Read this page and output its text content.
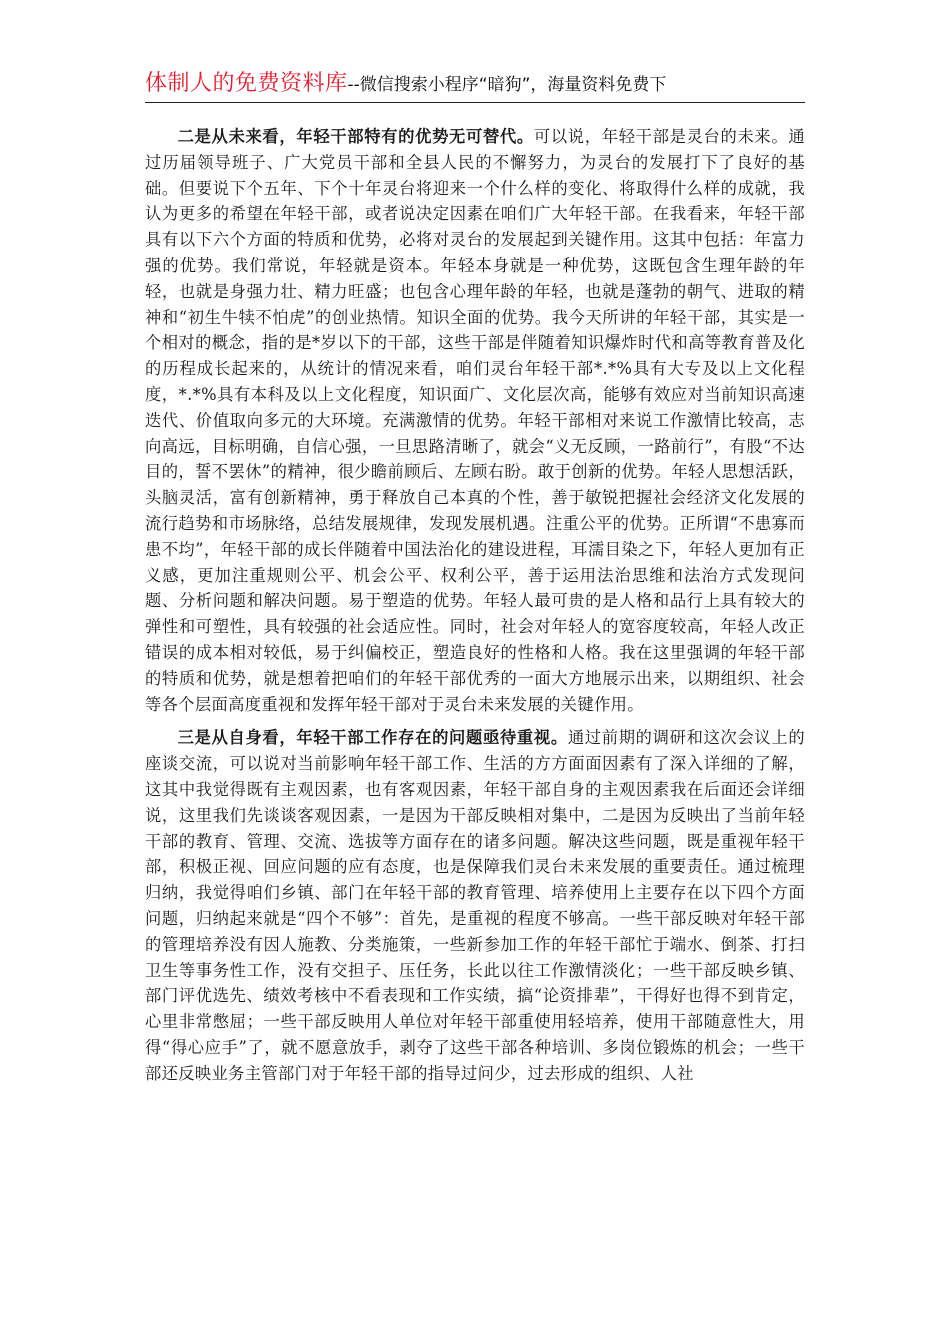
体制人的免费资料库--微信搜索小程序“暗狗”，海量资料免费下

二是从未来看，年轻干部特有的优势无可替代。可以说，年轻干部是灵台的未来。通过历届领导班子、广大党员干部和全县人民的不懈努力，为灵台的发展打下了良好的基础。但要说下个五年、下个十年灵台将迎来一个什么样的变化、将取得什么样的成就，我认为更多的希望在年轻干部，或者说决定因素在咱们广大年轻干部。在我看来，年轻干部具有以下六个方面的特质和优势，必将对灵台的发展起到关键作用。这其中包括：年富力强的优势。我们常说，年轻就是资本。年轻本身就是一种优势，这既包含生理年龄的年轻，也就是身强力壮、精力旺盛；也包含心理年龄的年轻，也就是蓬勃的朝气、进取的精神和“初生牛犊不怕虎”的创业热情。知识全面的优势。我今天所讲的年轻干部，其实是一个相对的概念，指的是*岁以下的干部，这些干部是伴随着知识爆炸时代和高等教育普及化的历程成长起来的，从统计的情况来看，咱们灵台年轻干部*.*%具有大专及以上文化程度，*.*%具有本科及以上文化程度，知识面广、文化层次高，能够有效应对当前知识高速迭代、价值取向多元的大环境。充满激情的优势。年轻干部相对来说工作激情比较高，志向高远，目标明确，自信心强，一旦思路清晰了，就会“义无反顾，一路前行”，有股“不达目的，誓不罢休”的精神，很少瞻前顾后、左顾右盼。敢于创新的优势。年轻人思想活跃，头脑灵活，富有创新精神，勇于释放自己本真的个性，善于敏锐把握社会经济文化发展的流行趋势和市场脉络，总结发展规律，发现发展机遇。注重公平的优势。正所谓“不患寡而患不均”，年轻干部的成长伴随着中国法治化的建设进程，耳濡目染之下，年轻人更加有正义感，更加注重规则公平、机会公平、权利公平，善于运用法治思维和法治方式发现问题、分析问题和解决问题。易于塑造的优势。年轻人最可贵的是人格和品行上具有较大的弹性和可塑性，具有较强的社会适应性。同时，社会对年轻人的宽容度较高，年轻人改正错误的成本相对较低，易于纠偏校正，塑造良好的性格和人格。我在这里强调的年轻干部的特质和优势，就是想着把咱们的年轻干部优秀的一面大方地展示出来，以期组织、社会等各个层面高度重视和发挥年轻干部对于灵台未来发展的关键作用。

三是从自身看，年轻干部工作存在的问题亟待重视。通过前期的调研和这次会议上的座谈交流，可以说对当前影响年轻干部工作、生活的方方面面因素有了深入详细的了解，这其中我觉得既有主观因素，也有客观因素，年轻干部自身的主观因素我在后面还会详细说，这里我们先谈谈客观因素，一是因为干部反映相对集中，二是因为反映出了当前年轻干部的教育、管理、交流、选拔等方面存在的诸多问题。解决这些问题，既是重视年轻干部，积极正视、回应问题的应有态度，也是保障我们灵台未来发展的重要责任。通过梳理归纳，我觉得咱们乡镇、部门在年轻干部的教育管理、培养使用上主要存在以下四个方面问题，归纳起来就是“四个不够”：首先，是重视的程度不够高。一些干部反映对年轻干部的管理培养没有因人施教、分类施策，一些新参加工作的年轻干部忙于端水、倒茶、打扫卫生等事务性工作，没有交担子、压任务，长此以往工作激情淡化；一些干部反映乡镇、部门评优选先、绩效考核中不看表现和工作实绩，搞“论资排辈”，干得好也得不到肯定，心里非常憋屈；一些干部反映用人单位对年轻干部重使用轻培养，使用干部随意性大，用得“得心应手”了，就不愿意放手，剥夺了这些干部各种培训、多岗位锻炼的机会；一些干部还反映业务主管部门对于年轻干部的指导过问少，过去形成的组织、人社
